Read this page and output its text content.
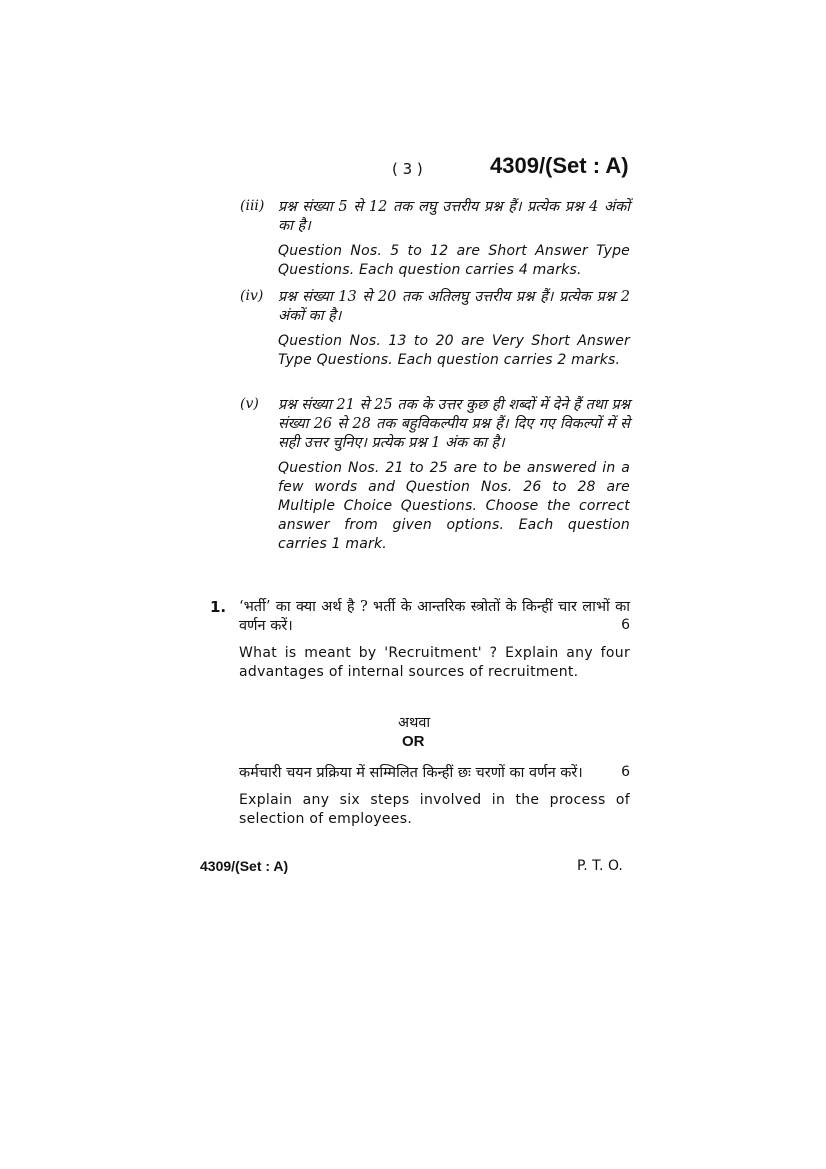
( 3 )	4309/(Set : A)
(iii) प्रश्न संख्या 5 से 12 तक लघु उत्तरीय प्रश्न हैं। प्रत्येक प्रश्न 4 अंकों का है।

Question Nos. 5 to 12 are Short Answer Type Questions. Each question carries 4 marks.

(iv) प्रश्न संख्या 13 से 20 तक अतिलघु उत्तरीय प्रश्न हैं। प्रत्येक प्रश्न 2 अंकों का है।

Question Nos. 13 to 20 are Very Short Answer Type Questions. Each question carries 2 marks.

(v) प्रश्न संख्या 21 से 25 तक के उत्तर कुछ ही शब्दों में देने हैं तथा प्रश्न संख्या 26 से 28 तक बहुविकल्पीय प्रश्न हैं। दिए गए विकल्पों में से सही उत्तर चुनिए। प्रत्येक प्रश्न 1 अंक का है।

Question Nos. 21 to 25 are to be answered in a few words and Question Nos. 26 to 28 are Multiple Choice Questions. Choose the correct answer from given options. Each question carries 1 mark.

1. ‘भर्ती’ का क्या अर्थ है ? भर्ती के आन्तरिक स्त्रोतों के किन्हीं चार लाभों का वर्णन करें।	6

What is meant by 'Recruitment' ? Explain any four advantages of internal sources of recruitment.

अथवा
OR

कर्मचारी चयन प्रक्रिया में सम्मिलित किन्हीं छः चरणों का वर्णन करें।	6

Explain any six steps involved in the process of selection of employees.

4309/(Set : A)	P. T. O.
